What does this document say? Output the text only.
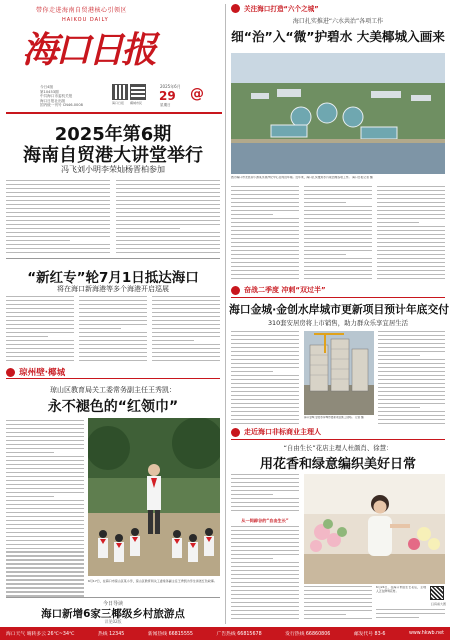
带你走进海南自贸港核心引领区
HAIKOU DAILY
海口日报
今日4版
第10453期
中共海口市委机关报
海口日报社出版
国内统一刊号 CN46-0008
海口日报 椰城市民
2025年6月
29
星期日
@
2025年第6期
海南自贸港大讲堂举行
冯飞刘小明李荣灿杨晋柏参加
“新红专”轮7月1日抵达海口
将在海口新海港等多个海港开启巡展
琼州壁·椰城
琼山区教育局关工委常务副主任王秀凯：
永不褪色的“红领巾”
6月17日，在海口市琼山区某小学，琼山区教育局关工委常务副主任王秀凯为学生讲述红色故事。
今日导读
海口新增6家三椰级乡村旅游点
详见02版
关注海口打造“六个之城”
海口扎实推进“六水共治”各项工作
细“治”入“微”护碧水 大美椰城入画来
图为海口市龙昆沟下游某水质净化中心及周边环境。近年来，海口扎实推进水污染治理各项工作。 海口日报记者 摄
奋战二季度 冲刺“双过半”
海口金城·金创水岸城市更新项目预计年底交付
310套安居房将上市销售，助力群众乐享宜居生活
海口金城·金创水岸城市更新项目施工现场。 记者 摄
走近海口非标商业主理人
“自由生长”花店主理人杜颜肖、徐慧：
用花香和绿意编织美好日常
从一间辟谷的“自由生长”
6月24日，在海口市由生长花店，主理人正在修剪花材。
扫码看大图
海口天气 晴转多云 26℃~34℃	热线 12345	新闻热线 66815555	广告热线 66815678	发行热线 66860806	邮发代号 83-6	www.hkwb.net
